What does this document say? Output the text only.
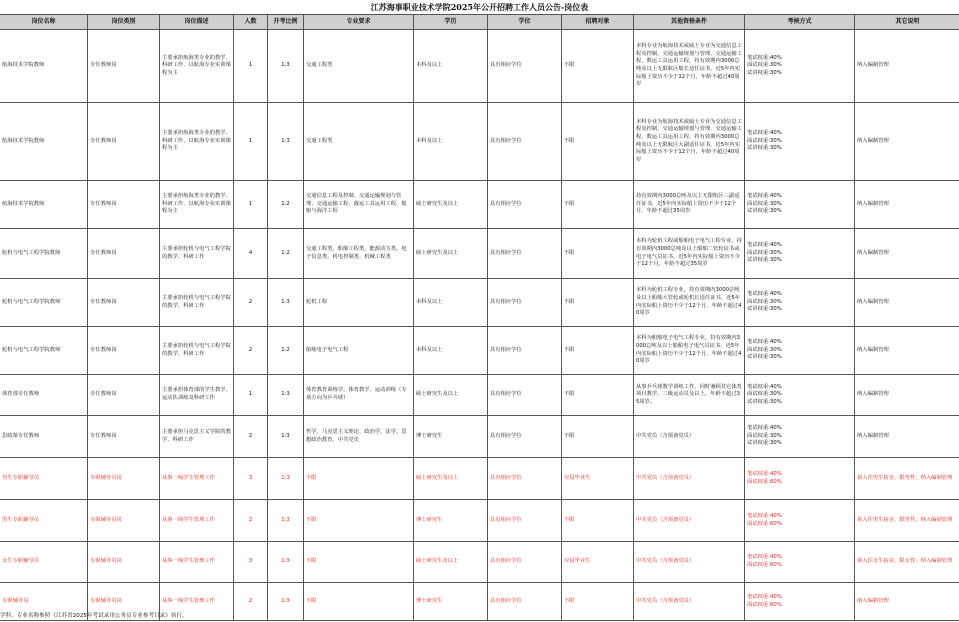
江苏海事职业技术学院2025年公开招聘工作人员公告-岗位表
岗位名称	岗位类别	岗位描述	人数	开考比例	专业要求	学历	学位	招聘对象	其他资格条件	考核方式	其它说明
航海技术学院教师	专任教师岗	主要承担航海类专业的教学、科研工作，以航海专业实训课程为主	1	1:3	交通工程类	本科及以上	具有相应学位	不限	本科专业为航海技术或硕士专业为交通信息工程及控制、交通运输规划与管理、交通运输工程，数运工具运用工程，持有效期内3000总吨及以上无限航区船长适任证书，近5年内实际船上资历不少于12个月，年龄不超过40周岁	笔试权重:40%
面试权重:30%
试讲权重:30%	纳入编制管理
航海技术学院教师	专任教师岗	主要承担航海类专业的教学、科研工作，以航海专业实训课程为主	1	1:3	交通工程类	本科及以上	具有相应学位	不限	本科专业为航海技术或硕士专业为交通信息工程及控制、交通运输规划与管理、交通运输工程，数运工具运用工程，持有效期内3000总吨及以上无限航区大副适任证书，近5年内实际船上资历不少于12个月，年龄不超过40周岁	笔试权重:40%
面试权重:30%
试讲权重:30%	纳入编制管理
航海技术学院教师	专任教师岗	主要承担航海类专业的教学、科研工作，以航海专业实训课程为主	1	1:2	交通信息工程及控制、交通运输规划与管理、交通运输工程、载运工具运用工程、船舶与海洋工程	硕士研究生及以上	具有相应学位	不限	持有效期内3000总吨及以上无限航区三副适任证书，近5年内实际船上资历不少于12个月，年龄不超过35周岁	笔试权重:40%
面试权重:30%
试讲权重:30%	纳入编制管理
轮机与电气工程学院教师	专任教师岗	主要承担轮机与电气工程学院的教学、科研工作	4	1:2	交通工程类、船舶工程类、能源动力类、电子信息类、机电控制类、机械工程类	硕士研究生及以上	具有相应学位	不限	本科为轮机工程或船舶电子电气工程专业，持有效期内3000总吨及以上船舶二管轮证书或电子电气员证书，近5年内实际船上资历不少于12个月，年龄不超过35周岁	笔试权重:40%
面试权重:30%
试讲权重:30%	纳入编制管理
轮机与电气工程学院教师	专任教师岗	主要承担轮机与电气工程学院的教学、科研工作	2	1:3	轮机工程	本科及以上	具有相应学位	不限	本科为轮机工程专业，持有效期内3000总吨及以上船舶大管轮或轮机长适任证书，近5年内实际船上资历不少于12个月，年龄不超过40周岁	笔试权重:40%
面试权重:30%
试讲权重:30%	纳入编制管理
轮机与电气工程学院教师	专任教师岗	主要承担轮机与电气工程学院的教学、科研工作	2	1:2	船舶电子电气工程	本科及以上	具有相应学位	不限	本科为船舶电子电气工程专业，持有效期内3000总吨及以上船舶电子电气员证书，近5年内实际船上资历不少于12个月，年龄不超过40周岁	笔试权重:40%
面试权重:30%
试讲权重:30%	纳入编制管理
体育部专任教师	专任教师岗	主要承担体育部的学生教学、运动队训练及科研工作	1	1:3	体育教育训练学、体育教学、运动训练（专项方向为乒乓球）	硕士研究生及以上	具有相应学位	不限	从事乒乓球教学训练工作，同时兼顾其它体育项目教学，二级运动员及以上，年龄不超过35周岁。	笔试权重:40%
面试权重:30%
试讲权重:30%	纳入编制管理
思政课专任教师	专任教师岗	主要承担马克思主义学院的教学、科研工作	2	1:3	哲学、马克思主义理论、政治学、法学、思想政治教育、中共党史	博士研究生	具有相应学位	不限	中共党员（含预备党员）	笔试权重:40%
面试权重:30%
试讲权重:30%	纳入编制管理
男生专职辅导员	专职辅导员岗	从事一线学生管理工作	3	1:3	不限	硕士研究生及以上	具有相应学位	应届毕业生	中共党员（含预备党员）	笔试权重:40%
面试权重:60%	须入住男生宿舍，限男性；纳入编制管理
男生专职辅导员	专职辅导员岗	从事一线学生管理工作	2	1:3	不限	博士研究生	具有相应学位	不限	中共党员（含预备党员）	笔试权重:40%
面试权重:60%	须入住男生宿舍，限男性；纳入编制管理
女生专职辅导员	专职辅导员岗	从事一线学生管理工作	3	1:3	不限	硕士研究生及以上	具有相应学位	应届毕业生	中共党员（含预备党员）	笔试权重:40%
面试权重:60%	须入住女生宿舍，限女性；纳入编制管理
专职辅导员	专职辅导员岗	从事一线学生管理工作	2	1:3	不限	博士研究生	具有相应学位	不限	中共党员（含预备党员）	笔试权重:40%
面试权重:60%	纳入编制管理
学科、专业名称参照《江苏省2025年考试录用公务员专业参考目录》执行。
